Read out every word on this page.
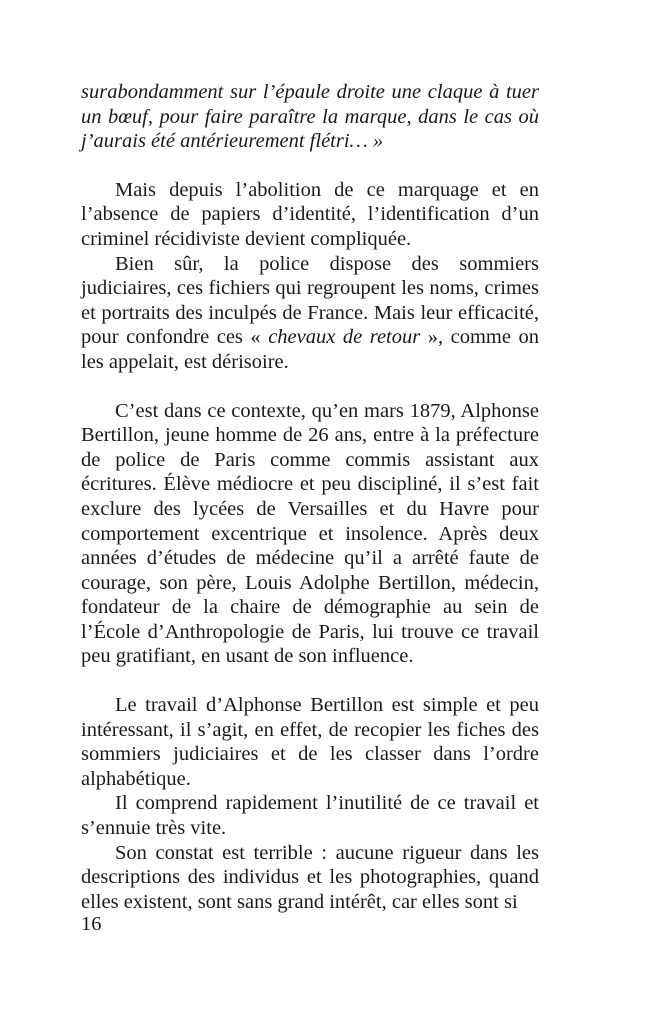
surabondamment sur l’épaule droite une claque à tuer un bœuf, pour faire paraître la marque, dans le cas où j’aurais été antérieurement flétri… »

Mais depuis l’abolition de ce marquage et en l’absence de papiers d’identité, l’identification d’un criminel récidiviste devient compliquée.

Bien sûr, la police dispose des sommiers judiciaires, ces fichiers qui regroupent les noms, crimes et portraits des inculpés de France. Mais leur efficacité, pour confondre ces « chevaux de retour », comme on les appelait, est dérisoire.

C’est dans ce contexte, qu’en mars 1879, Alphonse Bertillon, jeune homme de 26 ans, entre à la préfecture de police de Paris comme commis assistant aux écritures. Élève médiocre et peu discipliné, il s’est fait exclure des lycées de Versailles et du Havre pour comportement excentrique et insolence. Après deux années d’études de médecine qu’il a arrêté faute de courage, son père, Louis Adolphe Bertillon, médecin, fondateur de la chaire de démographie au sein de l’École d’Anthropologie de Paris, lui trouve ce travail peu gratifiant, en usant de son influence.

Le travail d’Alphonse Bertillon est simple et peu intéressant, il s’agit, en effet, de recopier les fiches des sommiers judiciaires et de les classer dans l’ordre alphabétique.

Il comprend rapidement l’inutilité de ce travail et s’ennuie très vite.

Son constat est terrible : aucune rigueur dans les descriptions des individus et les photographies, quand elles existent, sont sans grand intérêt, car elles sont si

16
